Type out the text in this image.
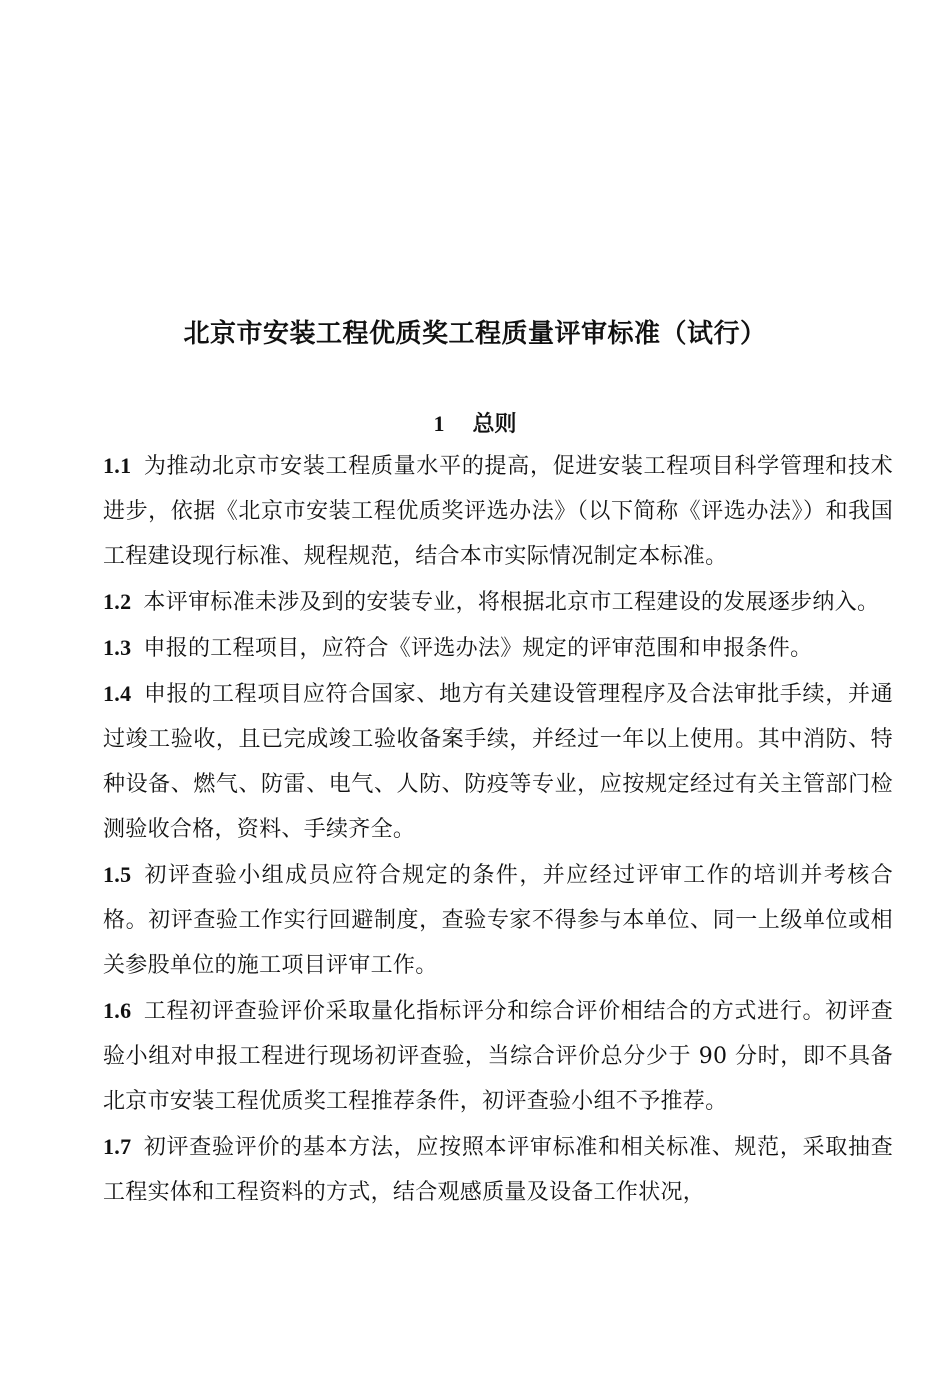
北京市安装工程优质奖工程质量评审标准（试行）
1 总则

1.1 为推动北京市安装工程质量水平的提高，促进安装工程项目科学管理和技术进步，依据《北京市安装工程优质奖评选办法》（以下简称《评选办法》）和我国工程建设现行标准、规程规范，结合本市实际情况制定本标准。

1.2 本评审标准未涉及到的安装专业，将根据北京市工程建设的发展逐步纳入。

1.3 申报的工程项目，应符合《评选办法》规定的评审范围和申报条件。

1.4 申报的工程项目应符合国家、地方有关建设管理程序及合法审批手续，并通过竣工验收，且已完成竣工验收备案手续，并经过一年以上使用。其中消防、特种设备、燃气、防雷、电气、人防、防疫等专业，应按规定经过有关主管部门检测验收合格，资料、手续齐全。

1.5 初评查验小组成员应符合规定的条件，并应经过评审工作的培训并考核合格。初评查验工作实行回避制度，查验专家不得参与本单位、同一上级单位或相关参股单位的施工项目评审工作。

1.6 工程初评查验评价采取量化指标评分和综合评价相结合的方式进行。初评查验小组对申报工程进行现场初评查验，当综合评价总分少于 90 分时，即不具备北京市安装工程优质奖工程推荐条件，初评查验小组不予推荐。

1.7 初评查验评价的基本方法，应按照本评审标准和相关标准、规范，采取抽查工程实体和工程资料的方式，结合观感质量及设备工作状况，
